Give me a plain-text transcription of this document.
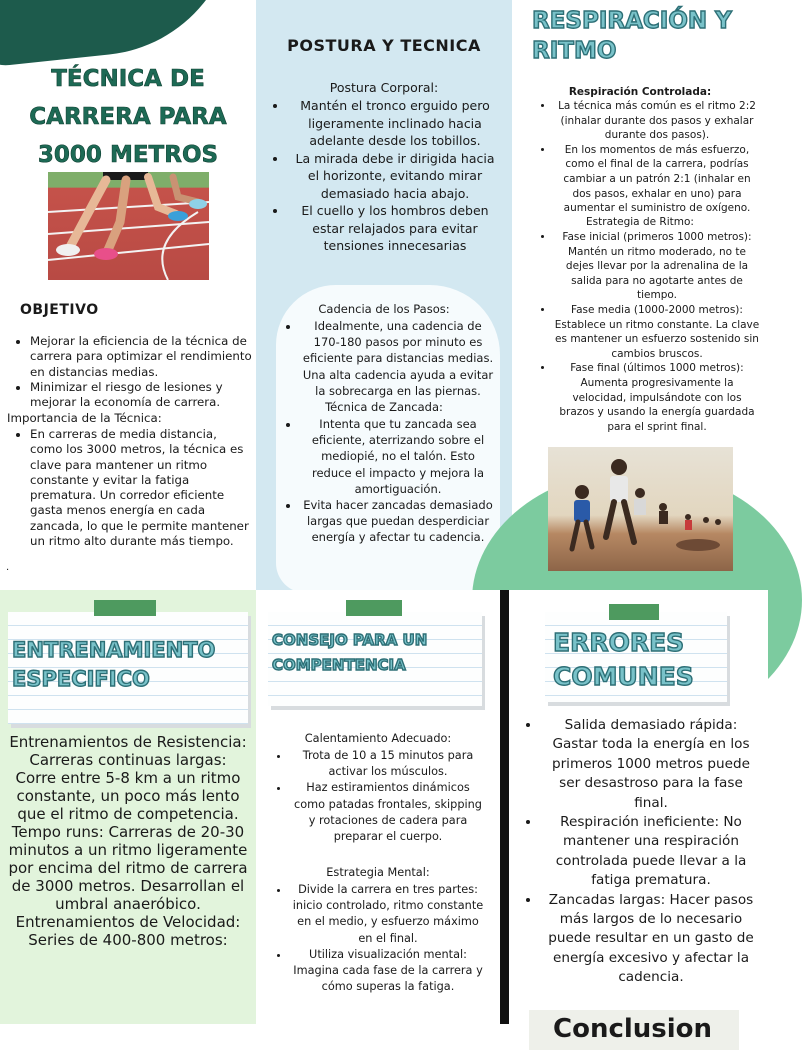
TÉCNICA DE
CARRERA PARA
3000 METROS
OBJETIVO
• Mejorar la eficiencia de la técnica de carrera para optimizar el rendimiento en distancias medias.
• Minimizar el riesgo de lesiones y mejorar la economía de carrera.
Importancia de la Técnica:
• En carreras de media distancia, como los 3000 metros, la técnica es clave para mantener un ritmo constante y evitar la fatiga prematura. Un corredor eficiente gasta menos energía en cada zancada, lo que le permite mantener un ritmo alto durante más tiempo.
.
POSTURA Y TECNICA
Postura Corporal:
• Mantén el tronco erguido pero ligeramente inclinado hacia adelante desde los tobillos.
• La mirada debe ir dirigida hacia el horizonte, evitando mirar demasiado hacia abajo.
• El cuello y los hombros deben estar relajados para evitar tensiones innecesarias
Cadencia de los Pasos:
• Idealmente, una cadencia de 170-180 pasos por minuto es eficiente para distancias medias. Una alta cadencia ayuda a evitar la sobrecarga en las piernas.
Técnica de Zancada:
• Intenta que tu zancada sea eficiente, aterrizando sobre el mediopié, no el talón. Esto reduce el impacto y mejora la amortiguación.
• Evita hacer zancadas demasiado largas que puedan desperdiciar energía y afectar tu cadencia.
RESPIRACIÓN Y
RITMO
Respiración Controlada:
• La técnica más común es el ritmo 2:2 (inhalar durante dos pasos y exhalar durante dos pasos).
• En los momentos de más esfuerzo, como el final de la carrera, podrías cambiar a un patrón 2:1 (inhalar en dos pasos, exhalar en uno) para aumentar el suministro de oxígeno.
Estrategia de Ritmo:
• Fase inicial (primeros 1000 metros): Mantén un ritmo moderado, no te dejes llevar por la adrenalina de la salida para no agotarte antes de tiempo.
• Fase media (1000-2000 metros): Establece un ritmo constante. La clave es mantener un esfuerzo sostenido sin cambios bruscos.
• Fase final (últimos 1000 metros): Aumenta progresivamente la velocidad, impulsándote con los brazos y usando la energía guardada para el sprint final.
ENTRENAMIENTO
ESPECIFICO
Entrenamientos de Resistencia:
Carreras continuas largas: Corre entre 5-8 km a un ritmo constante, un poco más lento que el ritmo de competencia.
Tempo runs: Carreras de 20-30 minutos a un ritmo ligeramente por encima del ritmo de carrera de 3000 metros. Desarrollan el umbral anaeróbico.
Entrenamientos de Velocidad:
Series de 400-800 metros:
CONSEJO PARA UN
COMPENTENCIA
Calentamiento Adecuado:
• Trota de 10 a 15 minutos para activar los músculos.
• Haz estiramientos dinámicos como patadas frontales, skipping y rotaciones de cadera para preparar el cuerpo.
Estrategia Mental:
• Divide la carrera en tres partes: inicio controlado, ritmo constante en el medio, y esfuerzo máximo en el final.
• Utiliza visualización mental: Imagina cada fase de la carrera y cómo superas la fatiga.
ERRORES
COMUNES
• Salida demasiado rápida: Gastar toda la energía en los primeros 1000 metros puede ser desastroso para la fase final.
• Respiración ineficiente: No mantener una respiración controlada puede llevar a la fatiga prematura.
• Zancadas largas: Hacer pasos más largos de lo necesario puede resultar en un gasto de energía excesivo y afectar la cadencia.
Conclusion
